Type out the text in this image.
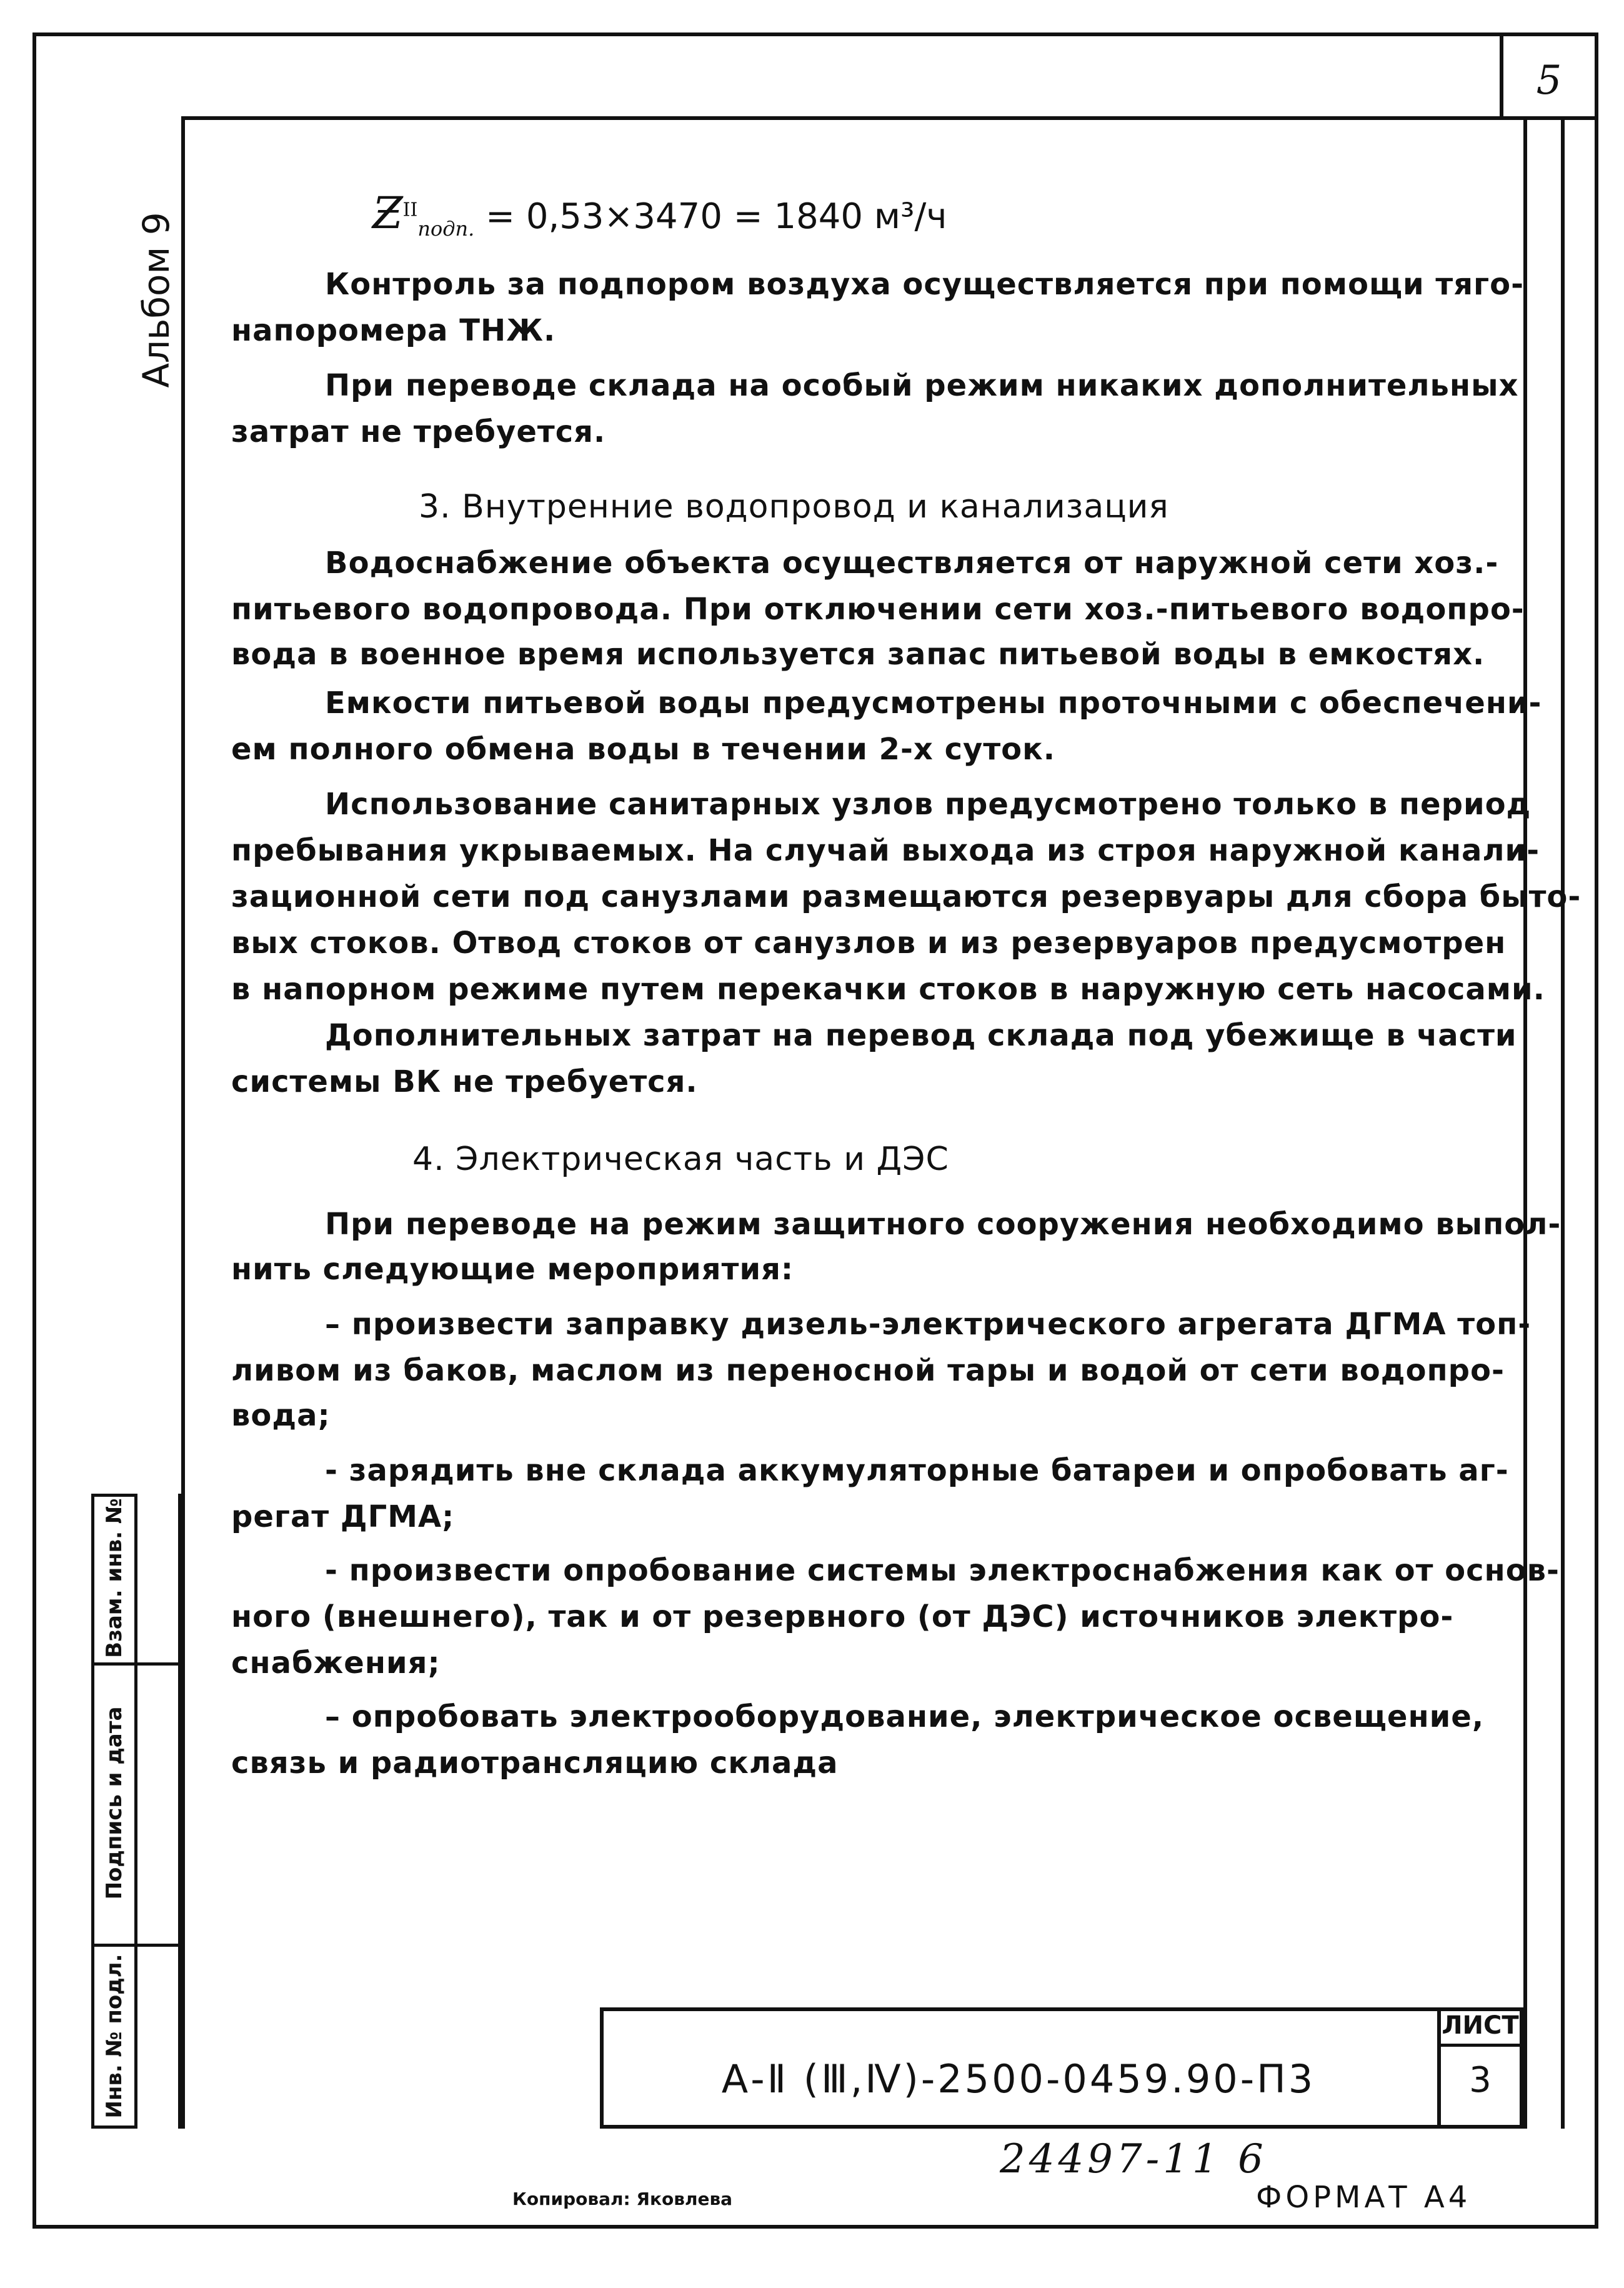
5
Альбом 9
Взам. инв. №
Подпись и дата
Инв. № подл.
$Ƶ^{II}_{подп.} = 0,53\times 3470 = 1840$ м³/ч
Контроль за подпором воздуха осуществляется при помощи тяго-
напоромера ТНЖ.
При переводе склада на особый режим никаких дополнительных
затрат не требуется.
3. Внутренние водопровод и канализация
Водоснабжение объекта осуществляется от наружной сети хоз.-
питьевого водопровода. При отключении сети хоз.-питьевого водопро-
вода в военное время используется запас питьевой воды в емкостях.
Емкости питьевой воды предусмотрены проточными с обеспечени-
ем полного обмена воды в течении 2-х суток.
Использование санитарных узлов предусмотрено только в период
пребывания укрываемых. На случай выхода из строя наружной канали-
зационной сети под санузлами размещаются резервуары для сбора быто-
вых стоков. Отвод стоков от санузлов и из резервуаров предусмотрен
в напорном режиме путем перекачки стоков в наружную сеть насосами.
Дополнительных затрат на перевод склада под убежище в части
системы ВК не требуется.
4. Электрическая часть и ДЭС
При переводе на режим защитного сооружения необходимо выпол-
нить следующие мероприятия:
– произвести заправку дизель-электрического агрегата ДГМА топ-
ливом из баков, маслом из переносной тары и водой от сети водопро-
вода;
- зарядить вне склада аккумуляторные батареи и опробовать аг-
регат ДГМА;
- произвести опробование системы электроснабжения как от основ-
ного (внешнего), так и от резервного (от ДЭС) источников электро-
снабжения;
– опробовать электрооборудование, электрическое освещение,
связь и радиотрансляцию склада
А-Ⅱ (Ⅲ,Ⅳ)-2500-0459.90-П3
ЛИСТ
3
24497-11 6
Копировал: Яковлева	ФОРМАТ А4
